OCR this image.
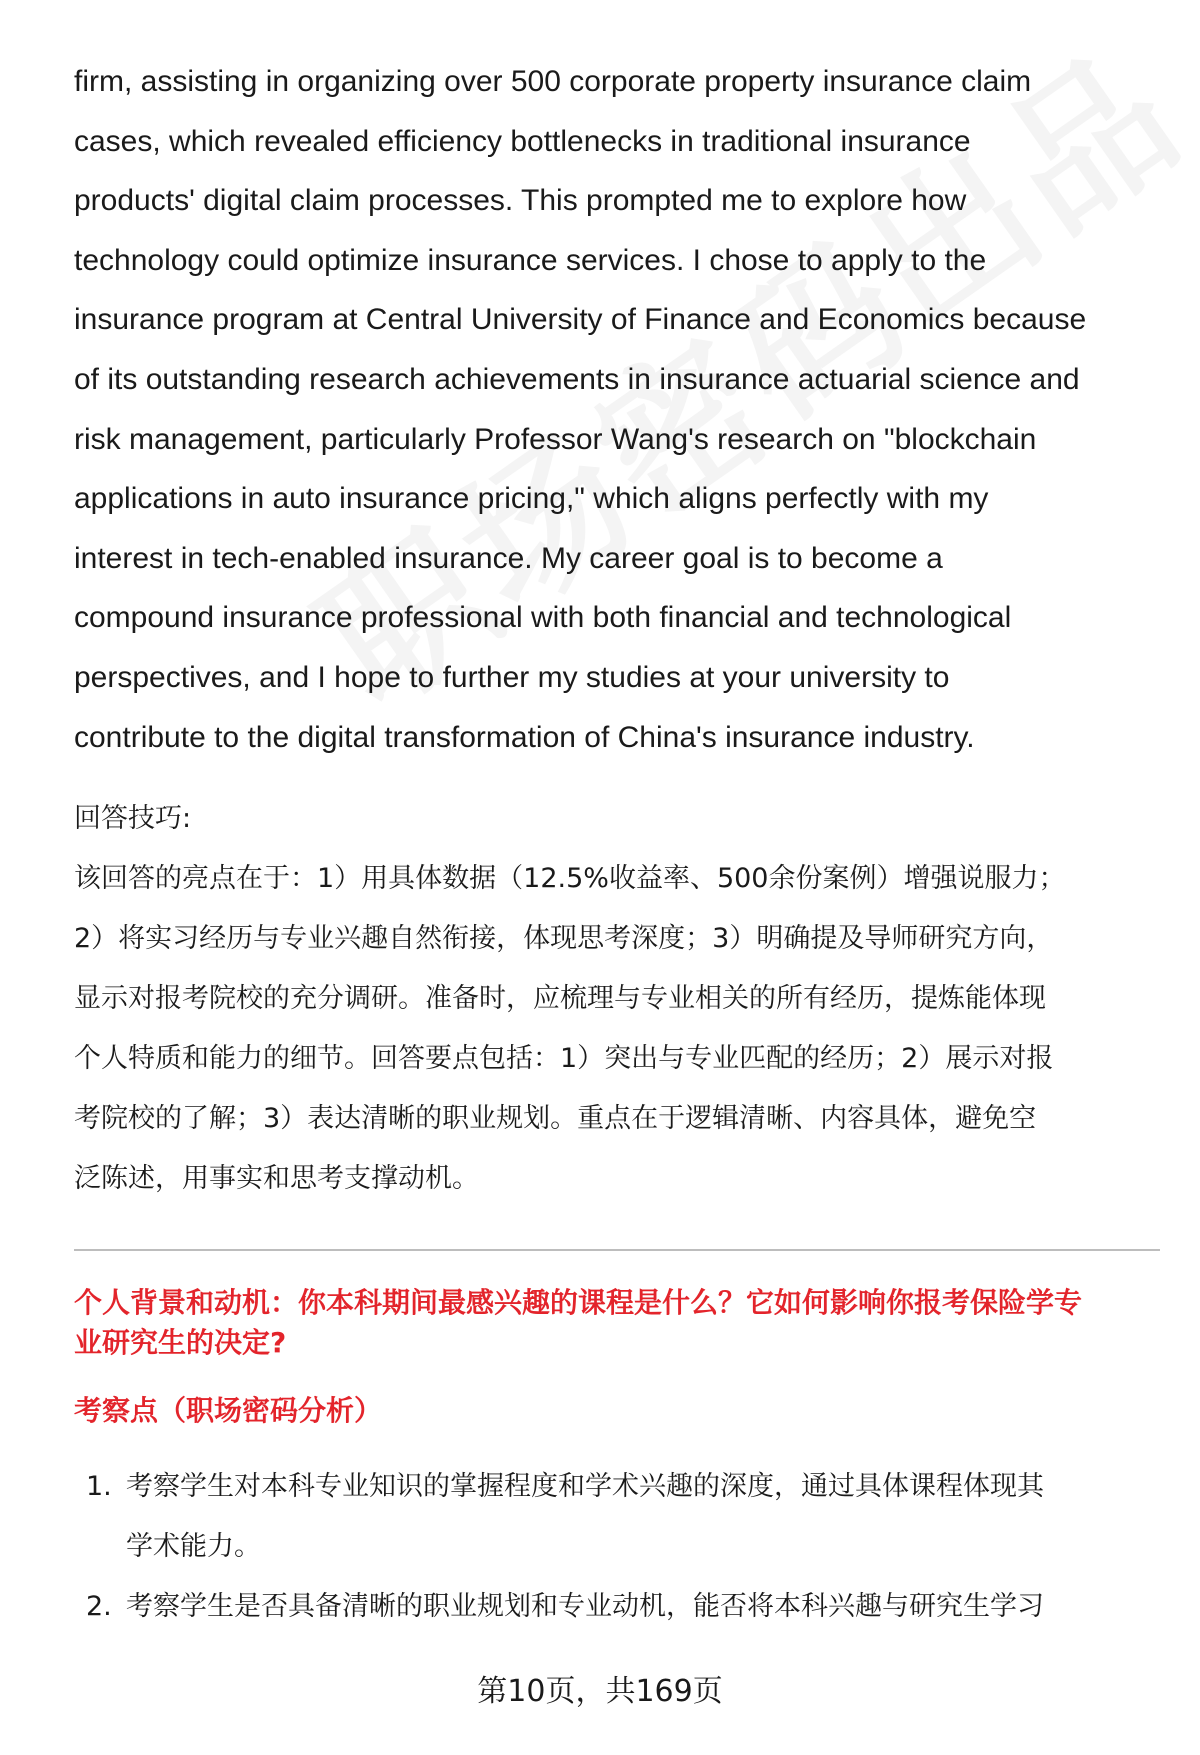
firm, assisting in organizing over 500 corporate property insurance claim

cases, which revealed efficiency bottlenecks in traditional insurance

products' digital claim processes. This prompted me to explore how

technology could optimize insurance services. I chose to apply to the

insurance program at Central University of Finance and Economics because

of its outstanding research achievements in insurance actuarial science and

risk management, particularly Professor Wang's research on "blockchain

applications in auto insurance pricing," which aligns perfectly with my

interest in tech-enabled insurance. My career goal is to become a

compound insurance professional with both financial and technological

perspectives, and I hope to further my studies at your university to

contribute to the digital transformation of China's insurance industry.

回答技巧:

该回答的亮点在于：1）用具体数据（12.5%收益率、500余份案例）增强说服力；

2）将实习经历与专业兴趣自然衔接，体现思考深度；3）明确提及导师研究方向，

显示对报考院校的充分调研。准备时，应梳理与专业相关的所有经历，提炼能体现

个人特质和能力的细节。回答要点包括：1）突出与专业匹配的经历；2）展示对报

考院校的了解；3）表达清晰的职业规划。重点在于逻辑清晰、内容具体，避免空

泛陈述，用事实和思考支撑动机。

个人背景和动机：你本科期间最感兴趣的课程是什么？它如何影响你报考保险学专

业研究生的决定?

考察点（职场密码分析）
1. 考察学生对本科专业知识的掌握程度和学术兴趣的深度，通过具体课程体现其

学术能力。

2. 考察学生是否具备清晰的职业规划和专业动机，能否将本科兴趣与研究生学习

第10页，共169页
